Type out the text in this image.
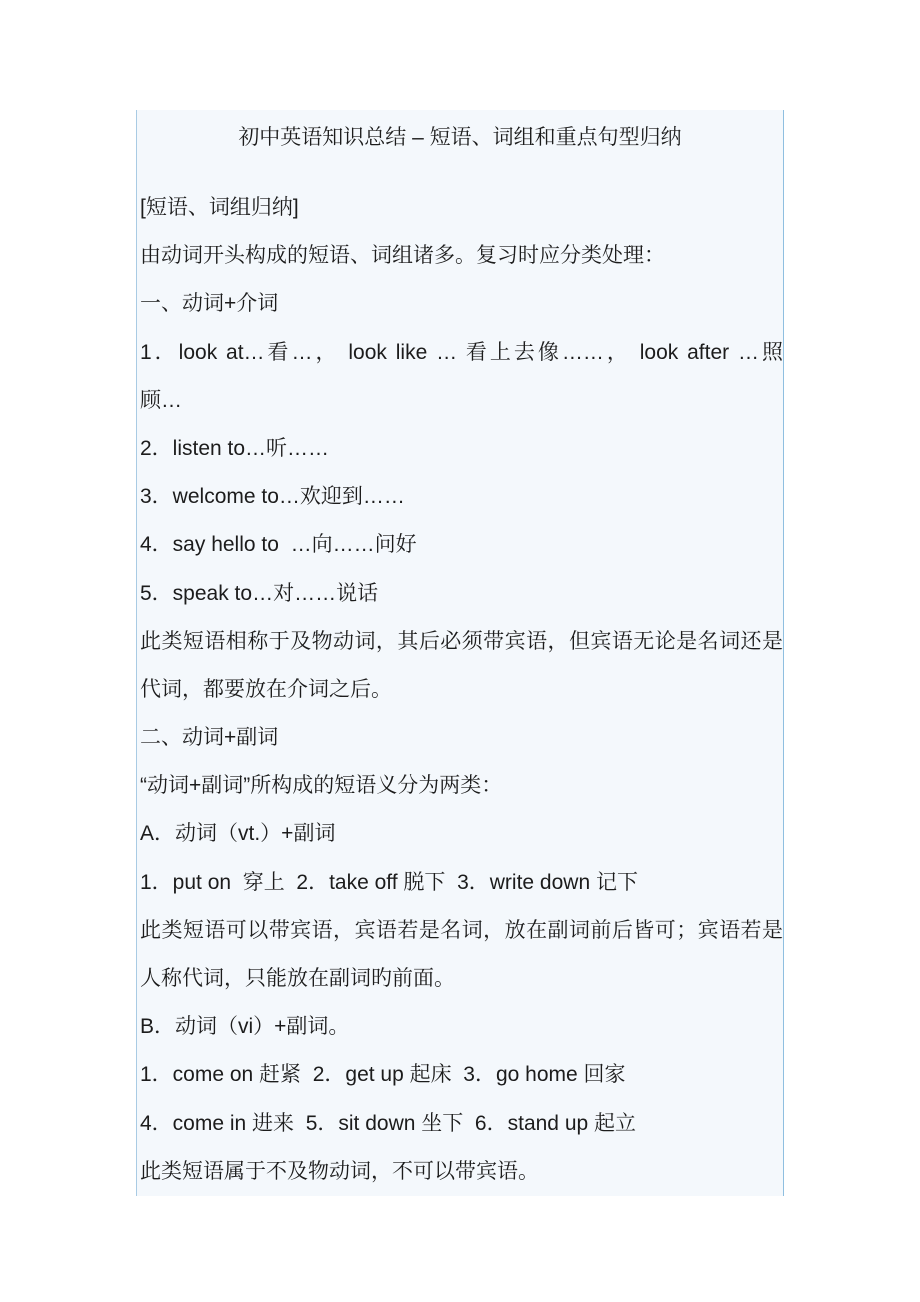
初中英语知识总结 – 短语、词组和重点句型归纳
[短语、词组归纳]
由动词开头构成的短语、词组诸多。复习时应分类处理：
一、动词+介词
1．look at…看…， look like … 看上去像……， look after …照
顾…
2．listen to…听……
3．welcome to…欢迎到……
4．say hello to  …向……问好
5．speak to…对……说话
此类短语相称于及物动词，其后必须带宾语，但宾语无论是名词还是
代词，都要放在介词之后。
二、动词+副词
“动词+副词”所构成的短语义分为两类：
A．动词（vt.）+副词
1．put on  穿上  2．take off 脱下  3．write down 记下
此类短语可以带宾语，宾语若是名词，放在副词前后皆可；宾语若是
人称代词，只能放在副词旳前面。
B．动词（vi）+副词。
1．come on 赶紧  2．get up 起床  3．go home 回家
4．come in 进来  5．sit down 坐下  6．stand up 起立
此类短语属于不及物动词，不可以带宾语。
